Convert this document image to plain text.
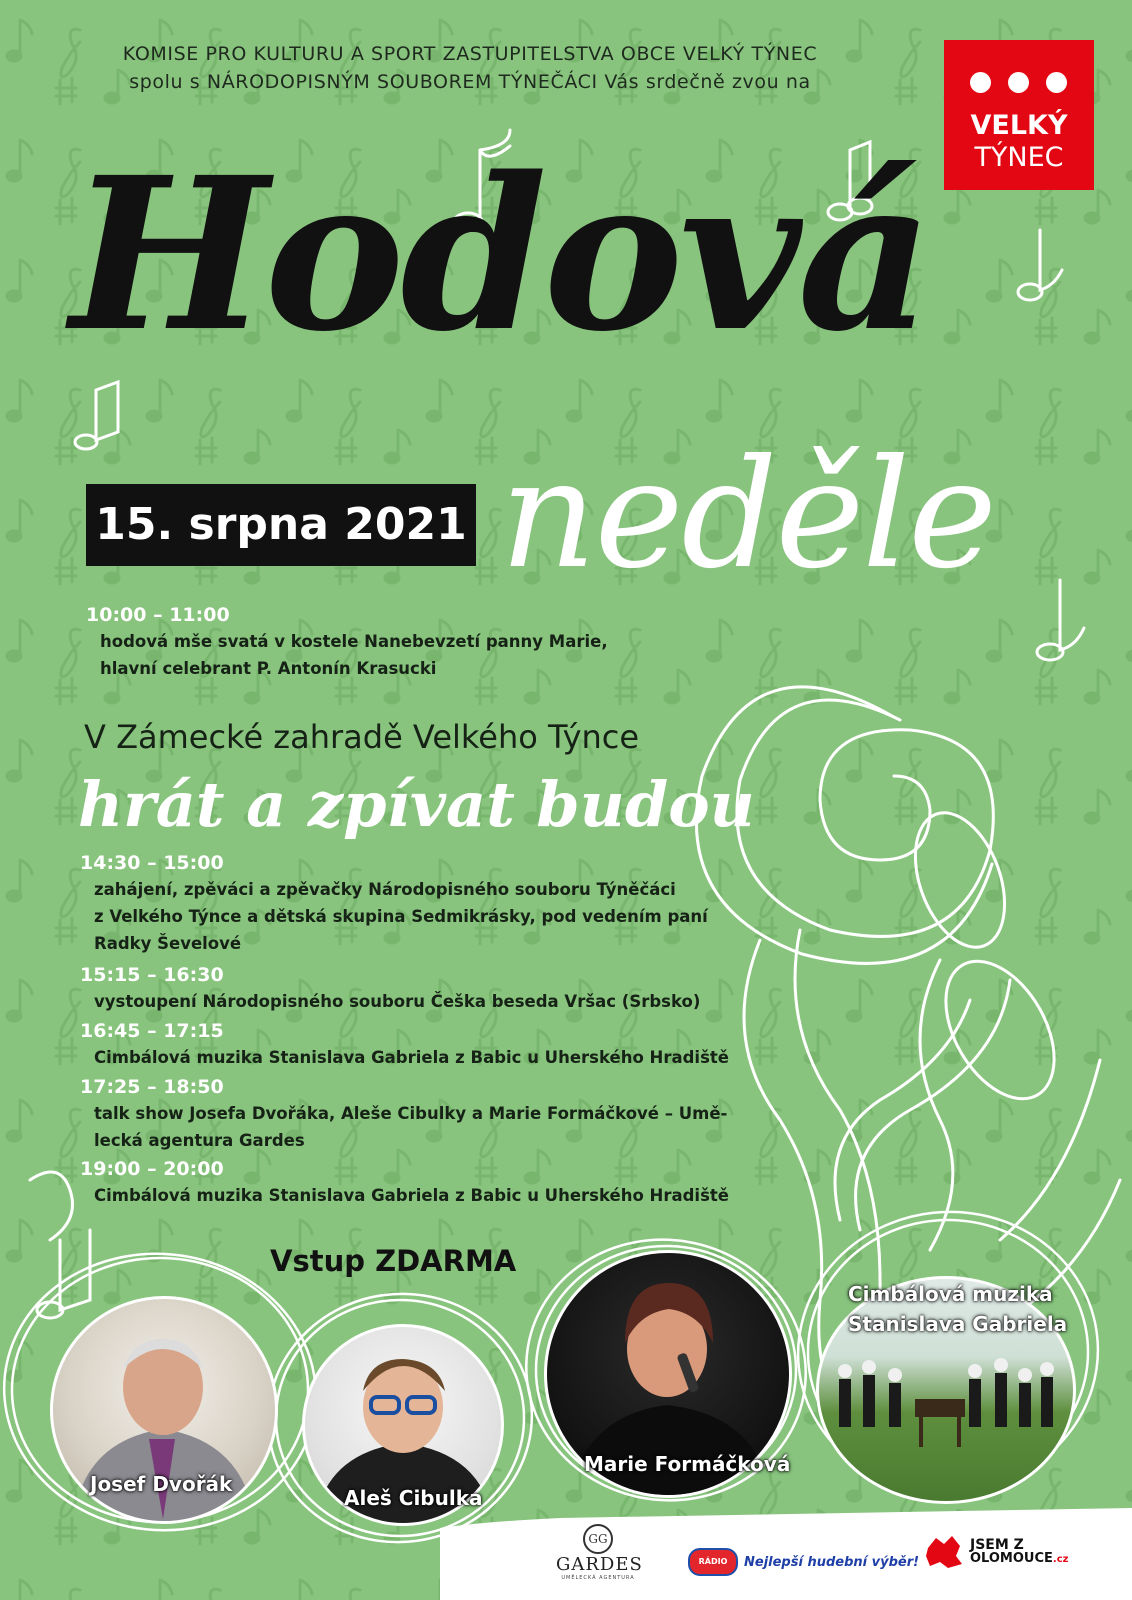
KOMISE PRO KULTURU A SPORT ZASTUPITELSTVA OBCE VELKÝ TÝNEC
spolu s NÁRODOPISNÝM SOUBOREM TÝNEČÁCI Vás srdečně zvou na
VELKÝ
TÝNEC
Hodová
neděle
15. srpna 2021
10:00 – 11:00
hodová mše svatá v kostele Nanebevzetí panny Marie,
hlavní celebrant P. Antonín Krasucki
V Zámecké zahradě Velkého Týnce
hrát a zpívat budou
14:30 – 15:00
zahájení, zpěváci a zpěvačky Národopisného souboru Týněčáci
z Velkého Týnce a dětská skupina Sedmikrásky, pod vedením paní
Radky Ševelové
15:15 – 16:30
vystoupení Národopisného souboru Češka beseda Vršac (Srbsko)
16:45 – 17:15
Cimbálová muzika Stanislava Gabriela z Babic u Uherského Hradiště
17:25 – 18:50
talk show Josefa Dvořáka, Aleše Cibulky a Marie Formáčkové – Umě-
lecká agentura Gardes
19:00 – 20:00
Cimbálová muzika Stanislava Gabriela z Babic u Uherského Hradiště
Vstup ZDARMA
Josef Dvořák
Aleš Cibulka
Marie Formáčková
Cimbálová muzika
Stanislava Gabriela
GG
GARDES
UMĚLECKÁ AGENTURA
RÁDIO	Nejlepší hudební výběr!
JSEM Z
OLOMOUCE.cz
